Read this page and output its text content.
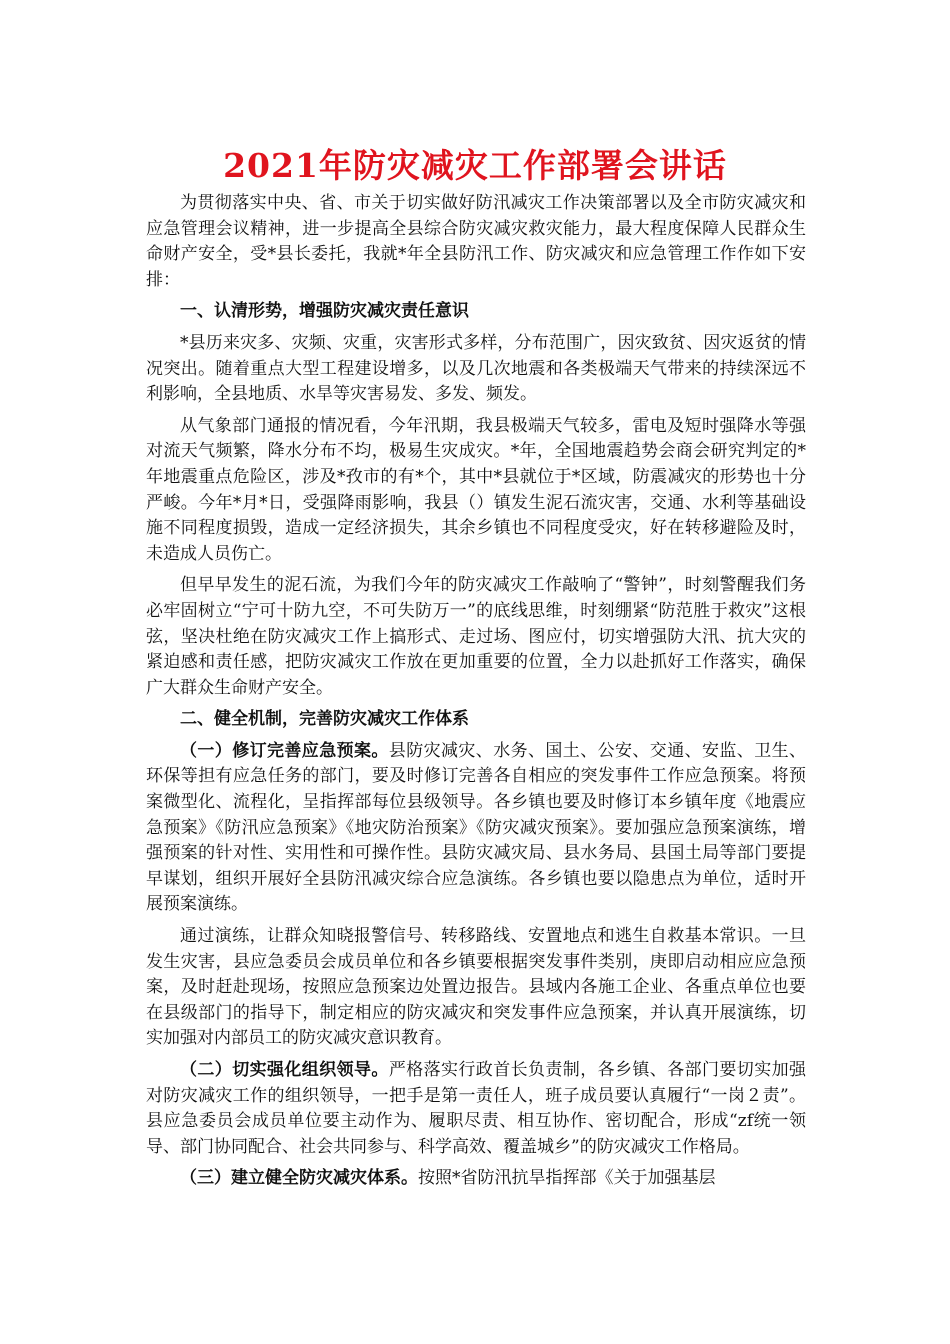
2021年防灾减灾工作部署会讲话

为贯彻落实中央、省、市关于切实做好防汛减灾工作决策部署以及全市防灾减灾和应急管理会议精神，进一步提高全县综合防灾减灾救灾能力，最大程度保障人民群众生命财产安全，受*县长委托，我就*年全县防汛工作、防灾减灾和应急管理工作作如下安排：

一、认清形势，增强防灾减灾责任意识

*县历来灾多、灾频、灾重，灾害形式多样，分布范围广，因灾致贫、因灾返贫的情况突出。随着重点大型工程建设增多，以及几次地震和各类极端天气带来的持续深远不利影响，全县地质、水旱等灾害易发、多发、频发。

从气象部门通报的情况看，今年汛期，我县极端天气较多，雷电及短时强降水等强对流天气频繁，降水分布不均，极易生灾成灾。*年，全国地震趋势会商会研究判定的*年地震重点危险区，涉及*孜市的有*个，其中*县就位于*区域，防震减灾的形势也十分严峻。今年*月*日，受强降雨影响，我县（）镇发生泥石流灾害，交通、水利等基础设施不同程度损毁，造成一定经济损失，其余乡镇也不同程度受灾，好在转移避险及时，未造成人员伤亡。

但早早发生的泥石流，为我们今年的防灾减灾工作敲响了“警钟”，时刻警醒我们务必牢固树立“宁可十防九空，不可失防万一”的底线思维，时刻绷紧“防范胜于救灾”这根弦，坚决杜绝在防灾减灾工作上搞形式、走过场、图应付，切实增强防大汛、抗大灾的紧迫感和责任感，把防灾减灾工作放在更加重要的位置，全力以赴抓好工作落实，确保广大群众生命财产安全。

二、健全机制，完善防灾减灾工作体系

（一）修订完善应急预案。县防灾减灾、水务、国土、公安、交通、安监、卫生、环保等担有应急任务的部门，要及时修订完善各自相应的突发事件工作应急预案。将预案微型化、流程化，呈指挥部每位县级领导。各乡镇也要及时修订本乡镇年度《地震应急预案》《防汛应急预案》《地灾防治预案》《防灾减灾预案》。要加强应急预案演练，增强预案的针对性、实用性和可操作性。县防灾减灾局、县水务局、县国土局等部门要提早谋划，组织开展好全县防汛减灾综合应急演练。各乡镇也要以隐患点为单位，适时开展预案演练。

通过演练，让群众知晓报警信号、转移路线、安置地点和逃生自救基本常识。一旦发生灾害，县应急委员会成员单位和各乡镇要根据突发事件类别，庚即启动相应应急预案，及时赶赴现场，按照应急预案边处置边报告。县域内各施工企业、各重点单位也要在县级部门的指导下，制定相应的防灾减灾和突发事件应急预案，并认真开展演练，切实加强对内部员工的防灾减灾意识教育。

（二）切实强化组织领导。严格落实行政首长负责制，各乡镇、各部门要切实加强对防灾减灾工作的组织领导，一把手是第一责任人，班子成员要认真履行“一岗２责”。县应急委员会成员单位要主动作为、履职尽责、相互协作、密切配合，形成“zf统一领导、部门协同配合、社会共同参与、科学高效、覆盖城乡”的防灾减灾工作格局。

（三）建立健全防灾减灾体系。按照*省防汛抗旱指挥部《关于加强基层
